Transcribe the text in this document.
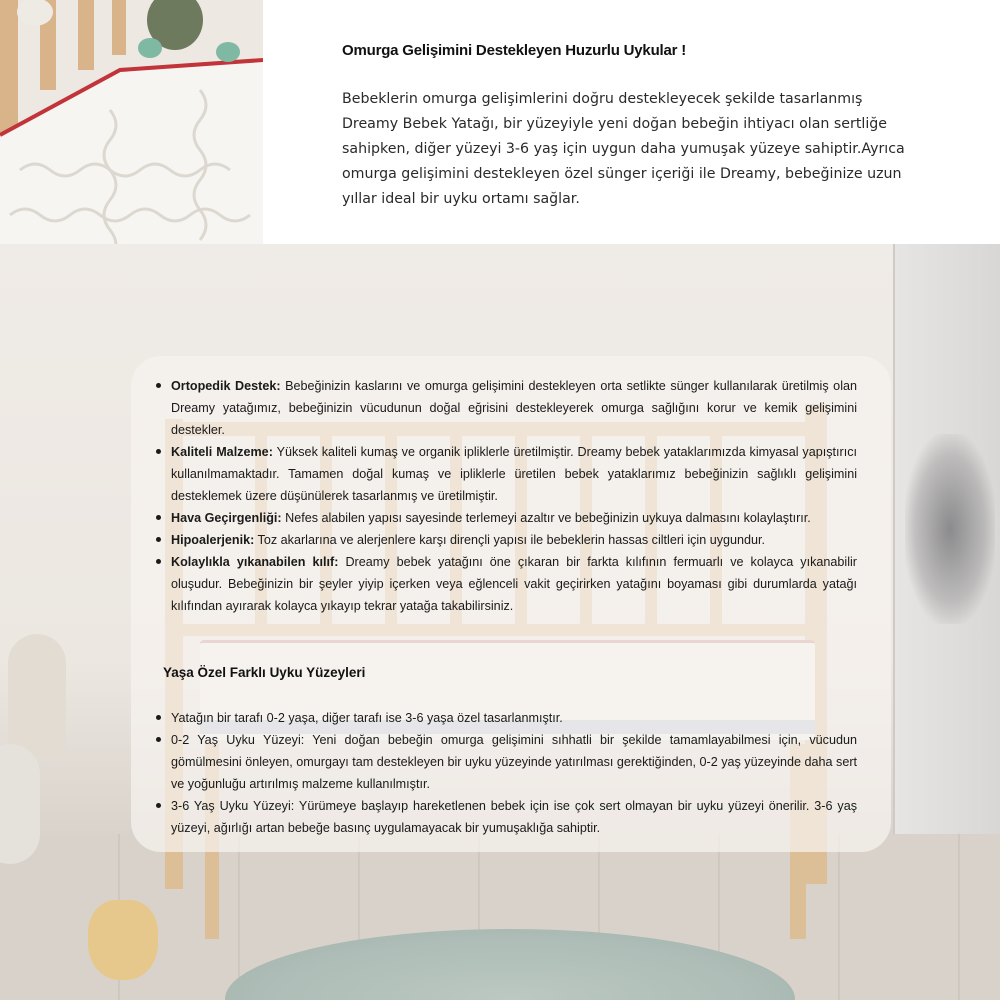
Omurga Gelişimini Destekleyen Huzurlu Uykular !

Bebeklerin omurga gelişimlerini doğru destekleyecek şekilde tasarlanmış Dreamy Bebek Yatağı, bir yüzeyiyle yeni doğan bebeğin ihtiyacı olan sertliğe sahipken, diğer yüzeyi 3-6 yaş için uygun daha yumuşak yüzeye sahiptir.Ayrıca omurga gelişimini destekleyen özel sünger içeriği ile Dreamy, bebeğinize uzun yıllar ideal bir uyku ortamı sağlar.

Ortopedik Destek: Bebeğinizin kaslarını ve omurga gelişimini destekleyen orta setlikte sünger kullanılarak üretilmiş olan Dreamy yatağımız, bebeğinizin vücudunun doğal eğrisini destekleyerek omurga sağlığını korur ve kemik gelişimini destekler.
Kaliteli Malzeme: Yüksek kaliteli kumaş ve organik ipliklerle üretilmiştir. Dreamy bebek yataklarımızda kimyasal yapıştırıcı kullanılmamaktadır. Tamamen doğal kumaş ve ipliklerle üretilen bebek yataklarımız bebeğinizin sağlıklı gelişimini desteklemek üzere düşünülerek tasarlanmış ve üretilmiştir.
Hava Geçirgenliği: Nefes alabilen yapısı sayesinde terlemeyi azaltır ve bebeğinizin uykuya dalmasını kolaylaştırır.
Hipoalerjenik: Toz akarlarına ve alerjenlere karşı dirençli yapısı ile bebeklerin hassas ciltleri için uygundur.
Kolaylıkla yıkanabilen kılıf: Dreamy bebek yatağını öne çıkaran bir farkta kılıfının fermuarlı ve kolayca yıkanabilir oluşudur. Bebeğinizin bir şeyler yiyip içerken veya eğlenceli vakit geçirirken yatağını boyaması gibi durumlarda yatağı kılıfından ayırarak kolayca yıkayıp tekrar yatağa takabilirsiniz.
Yaşa Özel Farklı Uyku Yüzeyleri
Yatağın bir tarafı 0-2 yaşa, diğer tarafı ise 3-6 yaşa özel tasarlanmıştır.
0-2 Yaş Uyku Yüzeyi: Yeni doğan bebeğin omurga gelişimini sıhhatli bir şekilde tamamlayabilmesi için, vücudun gömülmesini önleyen, omurgayı tam destekleyen bir uyku yüzeyinde yatırılması gerektiğinden, 0-2 yaş yüzeyinde daha sert ve yoğunluğu artırılmış malzeme kullanılmıştır.
3-6 Yaş Uyku Yüzeyi: Yürümeye başlayıp hareketlenen bebek için ise çok sert olmayan bir uyku yüzeyi önerilir. 3-6 yaş yüzeyi, ağırlığı artan bebeğe basınç uygulamayacak bir yumuşaklığa sahiptir.
